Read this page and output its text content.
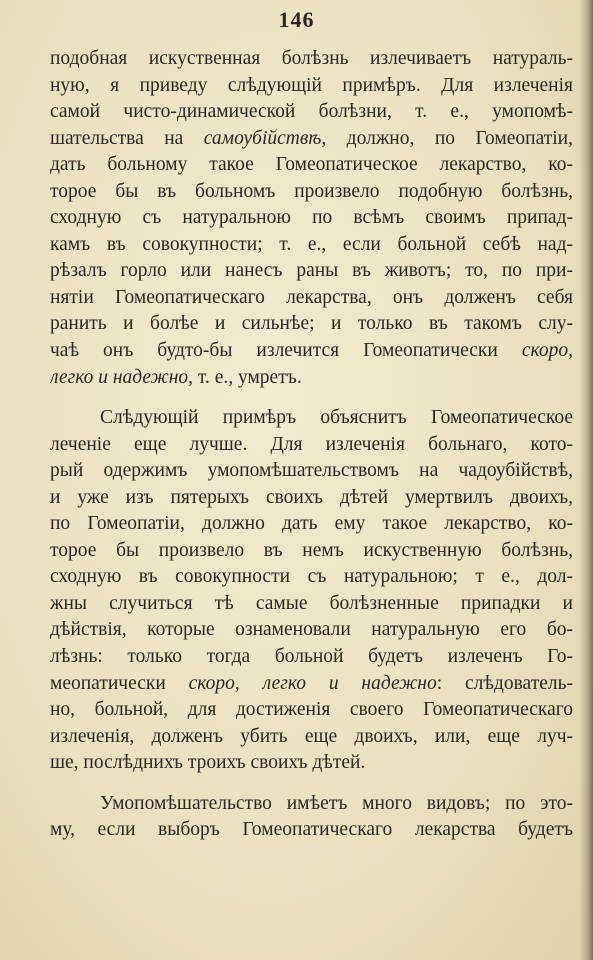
146
подобная искуственная болѣзнь излечиваетъ натураль-
ную, я приведу слѣдующій примѣръ. Для излеченія
самой чисто-динамической болѣзни, т. е., умопомѣ-
шательства на самоубійствѣ, должно, по Гомеопатіи,
дать больному такое Гомеопатическое лекарство, ко-
торое бы въ больномъ произвело подобную болѣзнь,
сходную съ натуральною по всѣмъ своимъ припад-
камъ въ совокупности; т. е., если больной себѣ над-
рѣзалъ горло или нанесъ раны въ животъ; то, по при-
нятіи Гомеопатическаго лекарства, онъ долженъ себя
ранить и болѣе и сильнѣе; и только въ такомъ слу-
чаѣ онъ будто-бы излечится Гомеопатически скоро,
легко и надежно, т. е., умретъ.
Слѣдующій примѣръ объяснитъ Гомеопатическое
леченіе еще лучше. Для излеченія больнаго, кото-
рый одержимъ умопомѣшательствомъ на чадоубійствѣ,
и уже изъ пятерыхъ своихъ дѣтей умертвилъ двоихъ,
по Гомеопатіи, должно дать ему такое лекарство, ко-
торое бы произвело въ немъ искуственную болѣзнь,
сходную въ совокупности съ натуральною; т е., дол-
жны случиться тѣ самые болѣзненные припадки и
дѣйствія, которые ознаменовали натуральную его бо-
лѣзнь: только тогда больной будетъ излеченъ Го-
меопатически скоро, легко и надежно: слѣдователь-
но, больной, для достиженія своего Гомеопатическаго
излеченія, долженъ убить еще двоихъ, или, еще луч-
ше, послѣднихъ троихъ своихъ дѣтей.
Умопомѣшательство имѣетъ много видовъ; по это-
му, если выборъ Гомеопатическаго лекарства будетъ
